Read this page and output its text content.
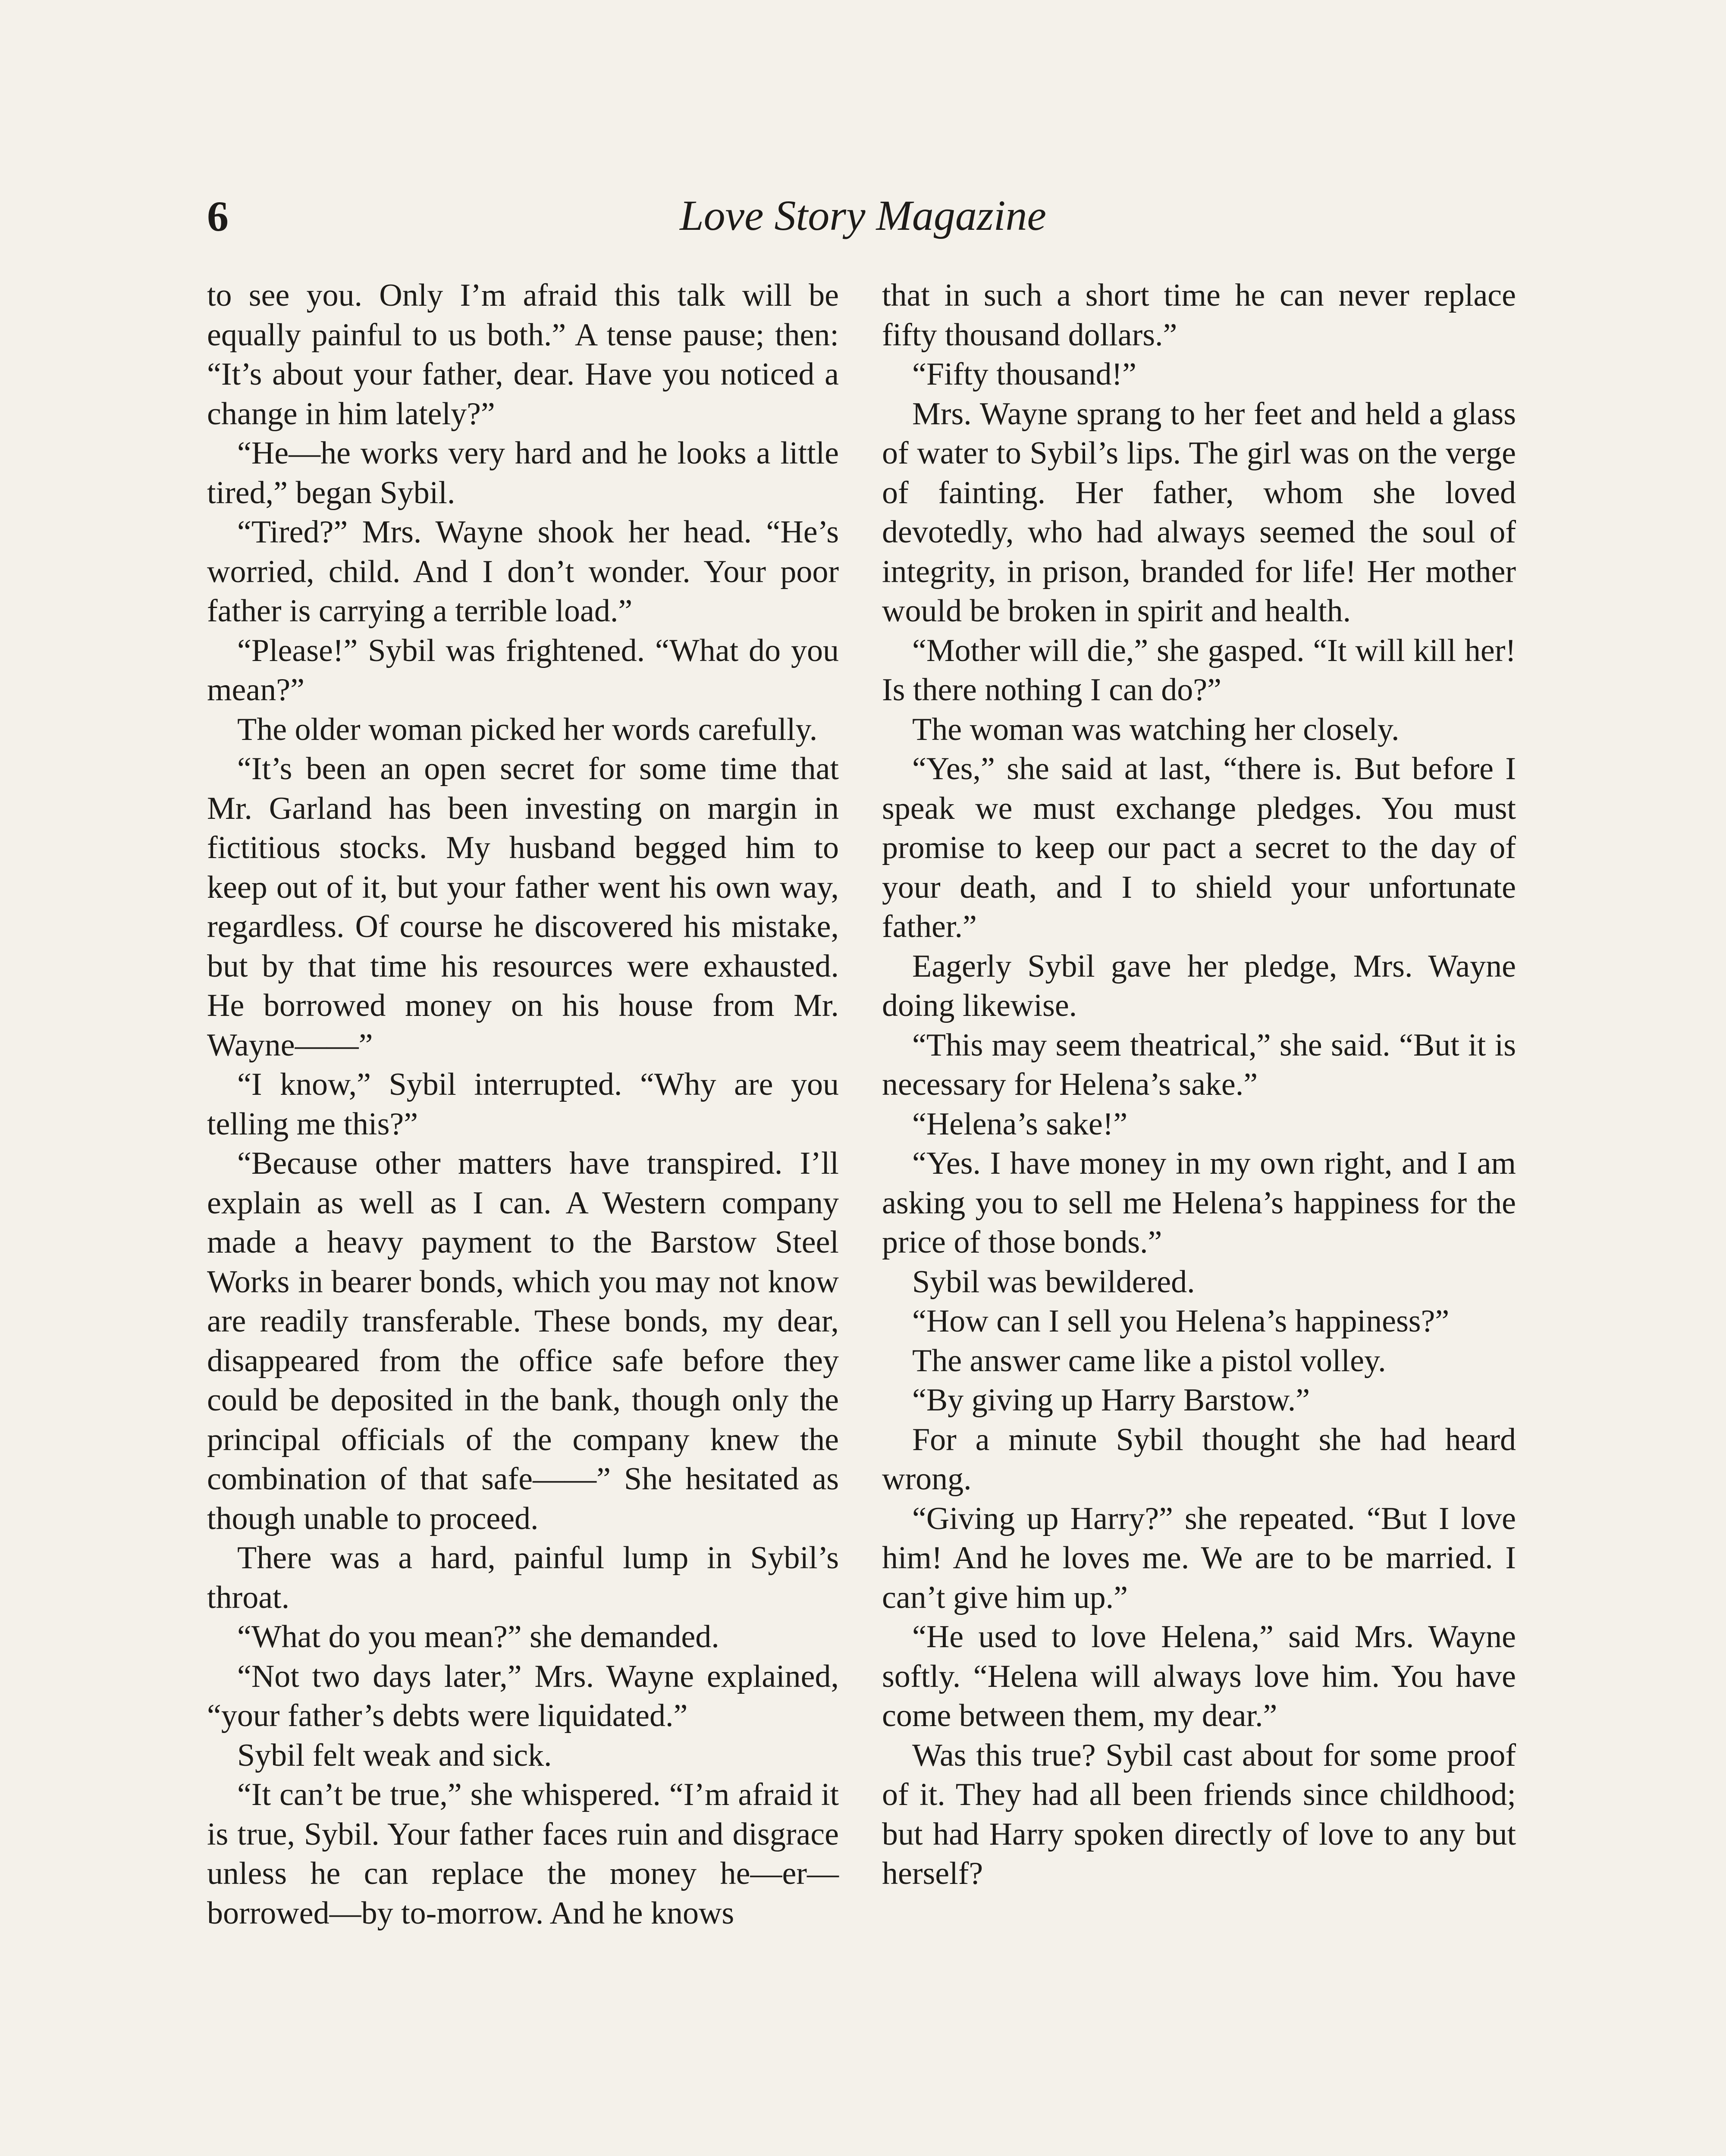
6	Love Story Magazine

to see you. Only I’m afraid this talk will be equally painful to us both.” A tense pause; then: “It’s about your father, dear. Have you noticed a change in him lately?”

“He—he works very hard and he looks a little tired,” began Sybil.

“Tired?” Mrs. Wayne shook her head. “He’s worried, child. And I don’t wonder. Your poor father is carrying a terrible load.”

“Please!” Sybil was frightened. “What do you mean?”

The older woman picked her words carefully.

“It’s been an open secret for some time that Mr. Garland has been investing on margin in fictitious stocks. My husband begged him to keep out of it, but your father went his own way, regardless. Of course he discovered his mistake, but by that time his resources were exhausted. He borrowed money on his house from Mr. Wayne——”

“I know,” Sybil interrupted. “Why are you telling me this?”

“Because other matters have transpired. I’ll explain as well as I can. A Western company made a heavy payment to the Barstow Steel Works in bearer bonds, which you may not know are readily transferable. These bonds, my dear, disappeared from the office safe before they could be deposited in the bank, though only the principal officials of the company knew the combination of that safe——” She hesitated as though unable to proceed.

There was a hard, painful lump in Sybil’s throat.

“What do you mean?” she demanded.

“Not two days later,” Mrs. Wayne explained, “your father’s debts were liquidated.”

Sybil felt weak and sick.

“It can’t be true,” she whispered. “I’m afraid it is true, Sybil. Your father faces ruin and disgrace unless he can replace the money he—er—borrowed—by to-morrow. And he knows

that in such a short time he can never replace fifty thousand dollars.”

“Fifty thousand!”

Mrs. Wayne sprang to her feet and held a glass of water to Sybil’s lips. The girl was on the verge of fainting. Her father, whom she loved devotedly, who had always seemed the soul of integrity, in prison, branded for life! Her mother would be broken in spirit and health.

“Mother will die,” she gasped. “It will kill her! Is there nothing I can do?”

The woman was watching her closely.

“Yes,” she said at last, “there is. But before I speak we must exchange pledges. You must promise to keep our pact a secret to the day of your death, and I to shield your unfortunate father.”

Eagerly Sybil gave her pledge, Mrs. Wayne doing likewise.

“This may seem theatrical,” she said. “But it is necessary for Helena’s sake.”

“Helena’s sake!”

“Yes. I have money in my own right, and I am asking you to sell me Helena’s happiness for the price of those bonds.”

Sybil was bewildered.

“How can I sell you Helena’s happiness?”

The answer came like a pistol volley.

“By giving up Harry Barstow.”

For a minute Sybil thought she had heard wrong.

“Giving up Harry?” she repeated. “But I love him! And he loves me. We are to be married. I can’t give him up.”

“He used to love Helena,” said Mrs. Wayne softly. “Helena will always love him. You have come between them, my dear.”

Was this true? Sybil cast about for some proof of it. They had all been friends since childhood; but had Harry spoken directly of love to any but herself?
